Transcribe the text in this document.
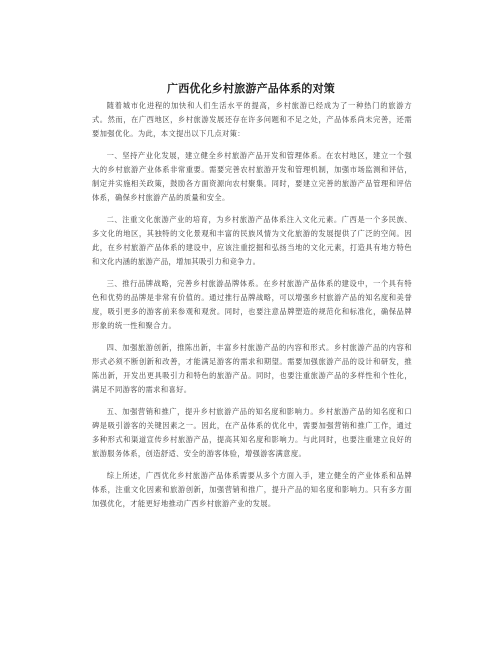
广西优化乡村旅游产品体系的对策

随着城市化进程的加快和人们生活水平的提高，乡村旅游已经成为了一种热门的旅游方式。然而，在广西地区，乡村旅游发展还存在许多问题和不足之处，产品体系尚未完善，还需要加强优化。为此，本文提出以下几点对策：

一、坚持产业化发展，建立健全乡村旅游产品开发和管理体系。在农村地区，建立一个强大的乡村旅游产业体系非常重要。需要完善农村旅游开发和管理机制，加强市场监测和评估，制定并实施相关政策，鼓励各方面资源向农村聚集。同时，要建立完善的旅游产品管理和评估体系，确保乡村旅游产品的质量和安全。

二、注重文化旅游产业的培育，为乡村旅游产品体系注入文化元素。广西是一个多民族、多文化的地区，其独特的文化景观和丰富的民族风情为文化旅游的发展提供了广泛的空间。因此，在乡村旅游产品体系的建设中，应该注重挖掘和弘扬当地的文化元素，打造具有地方特色和文化内涵的旅游产品，增加其吸引力和竞争力。

三、推行品牌战略，完善乡村旅游品牌体系。在乡村旅游产品体系的建设中，一个具有特色和优势的品牌是非常有价值的。通过推行品牌战略，可以增强乡村旅游产品的知名度和美誉度，吸引更多的游客前来参观和观赏。同时，也要注意品牌塑造的规范化和标准化，确保品牌形象的统一性和聚合力。

四、加强旅游创新，推陈出新，丰富乡村旅游产品的内容和形式。乡村旅游产品的内容和形式必须不断创新和改善，才能满足游客的需求和期望。需要加强旅游产品的设计和研发，推陈出新，开发出更具吸引力和特色的旅游产品。同时，也要注重旅游产品的多样性和个性化，满足不同游客的需求和喜好。

五、加强营销和推广，提升乡村旅游产品的知名度和影响力。乡村旅游产品的知名度和口碑是吸引游客的关键因素之一。因此，在产品体系的优化中，需要加强营销和推广工作，通过多种形式和渠道宣传乡村旅游产品，提高其知名度和影响力。与此同时，也要注重建立良好的旅游服务体系，创造舒适、安全的游客体验，增强游客满意度。

综上所述，广西优化乡村旅游产品体系需要从多个方面入手，建立健全的产业体系和品牌体系，注重文化因素和旅游创新，加强营销和推广，提升产品的知名度和影响力。只有多方面加强优化，才能更好地推动广西乡村旅游产业的发展。
